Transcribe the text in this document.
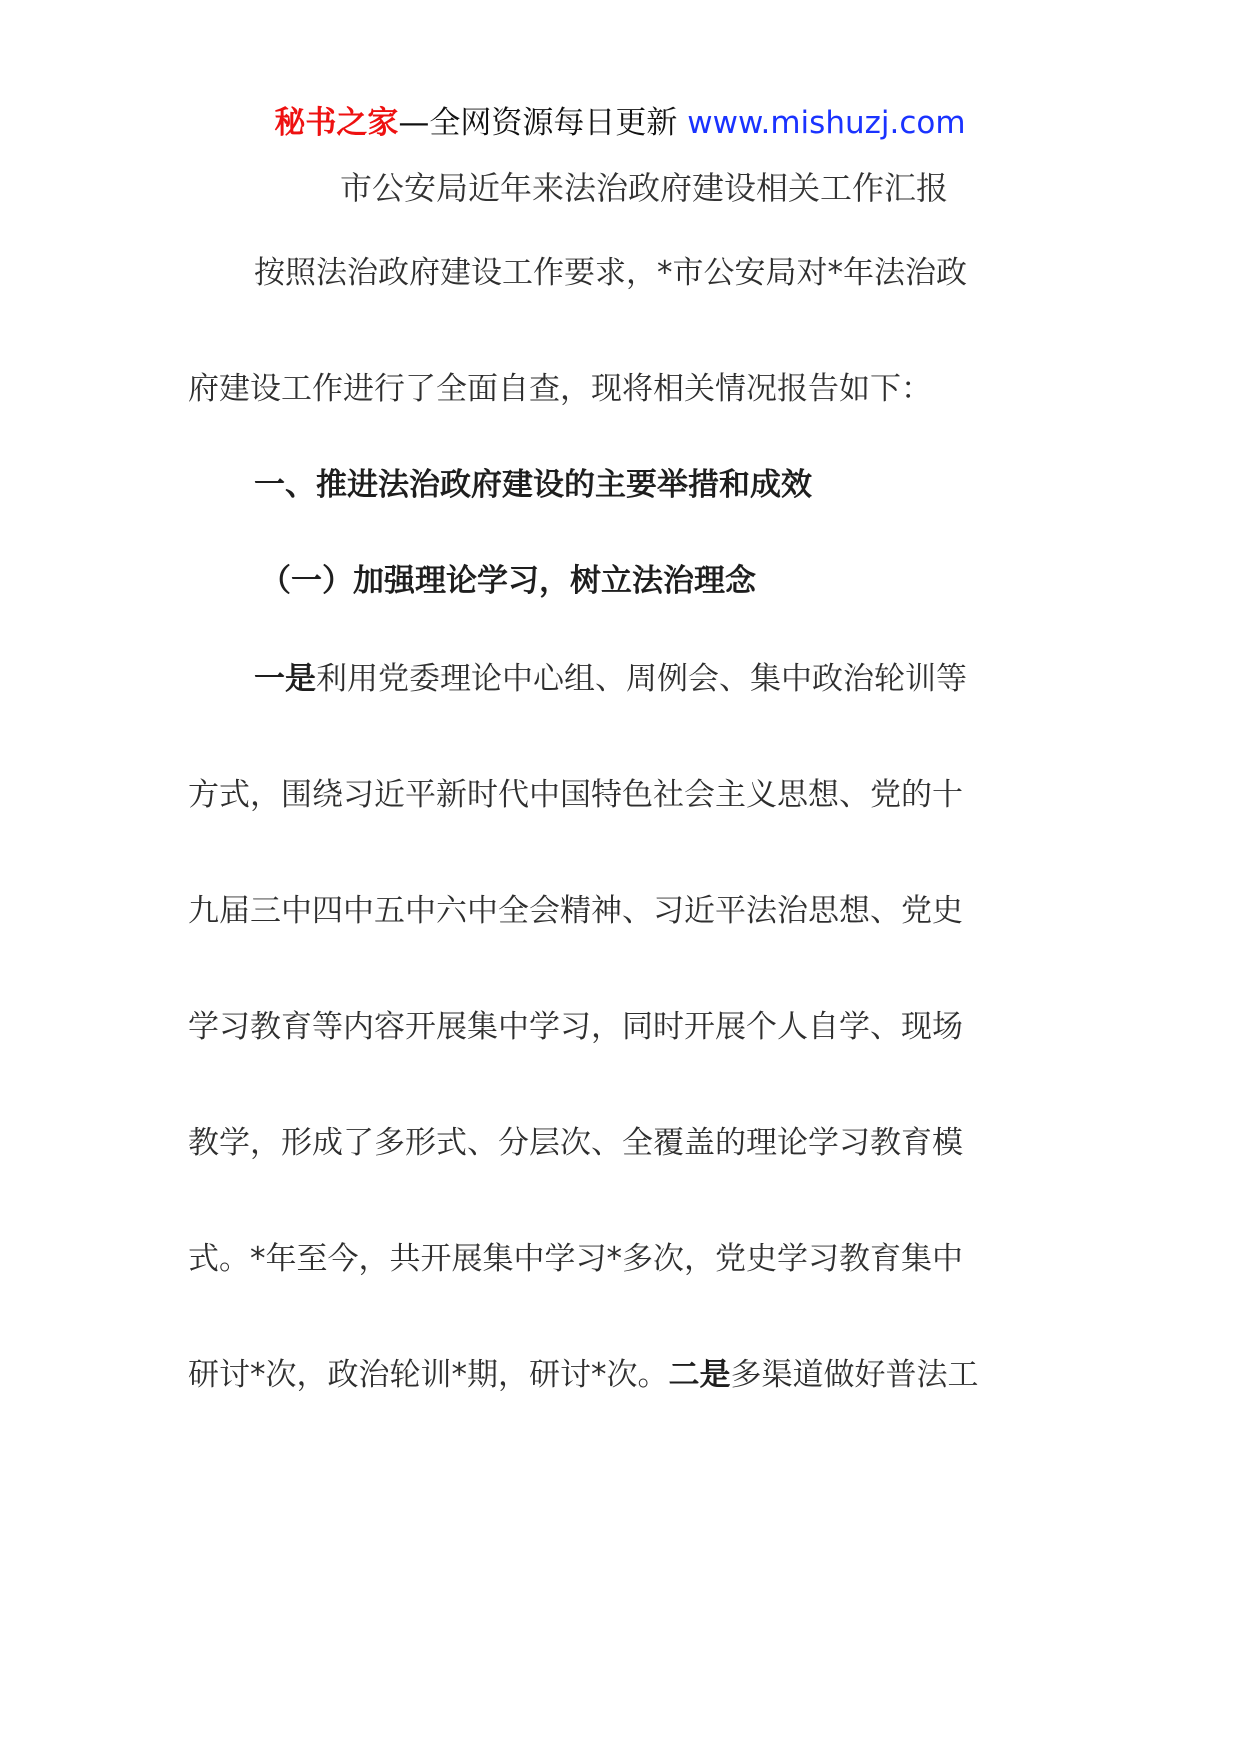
秘书之家—全网资源每日更新 www.mishuzj.com
市公安局近年来法治政府建设相关工作汇报
按照法治政府建设工作要求，*市公安局对*年法治政
府建设工作进行了全面自查，现将相关情况报告如下：
一、推进法治政府建设的主要举措和成效
（一）加强理论学习，树立法治理念
一是利用党委理论中心组、周例会、集中政治轮训等
方式，围绕习近平新时代中国特色社会主义思想、党的十
九届三中四中五中六中全会精神、习近平法治思想、党史
学习教育等内容开展集中学习，同时开展个人自学、现场
教学，形成了多形式、分层次、全覆盖的理论学习教育模
式。*年至今，共开展集中学习*多次，党史学习教育集中
研讨*次，政治轮训*期，研讨*次。二是多渠道做好普法工
